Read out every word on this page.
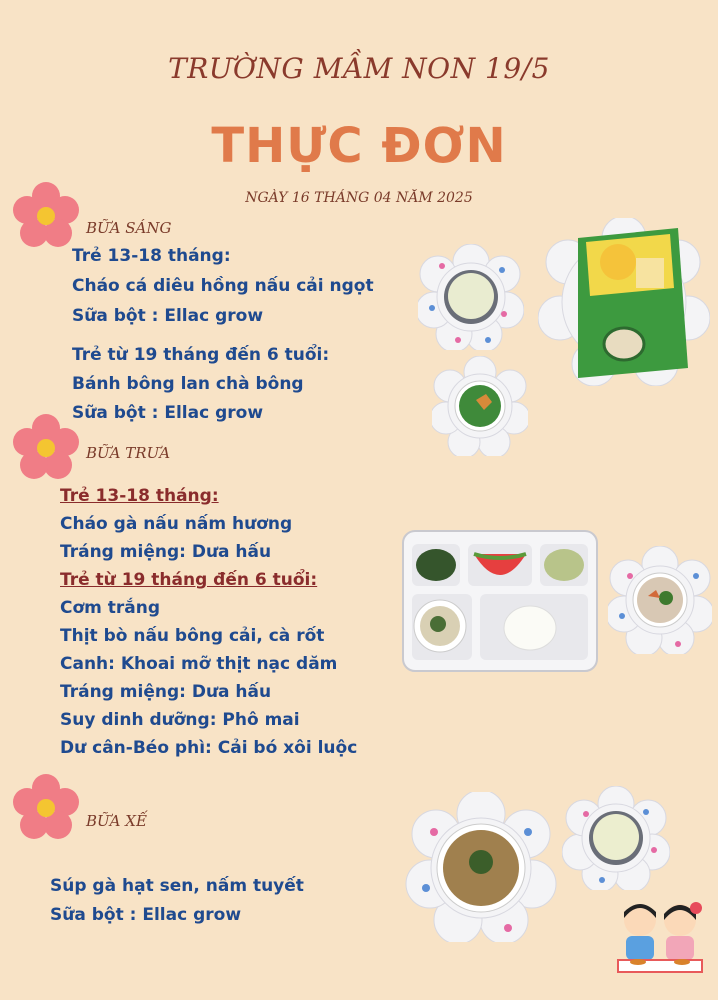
TRƯỜNG MẦM NON 19/5
THỰC ĐƠN
NGÀY 16 THÁNG 04 NĂM 2025
BỮA SÁNG
Trẻ 13-18 tháng:
Cháo cá diêu hồng nấu cải ngọt
Sữa bột : Ellac grow
Trẻ từ 19 tháng đến 6 tuổi:
Bánh bông lan chà bông
Sữa bột : Ellac grow
BỮA TRƯA
Trẻ 13-18 tháng:
Cháo gà nấu nấm hương
Tráng miệng: Dưa hấu
Trẻ từ 19 tháng đến 6 tuổi:
Cơm trắng
Thịt bò nấu bông cải, cà rốt
Canh: Khoai mỡ thịt nạc dăm
Tráng miệng: Dưa hấu
Suy dinh dưỡng: Phô mai
Dư cân-Béo phì: Cải bó xôi luộc
BỮA XẾ
Súp gà hạt sen, nấm tuyết
Sữa bột : Ellac grow
